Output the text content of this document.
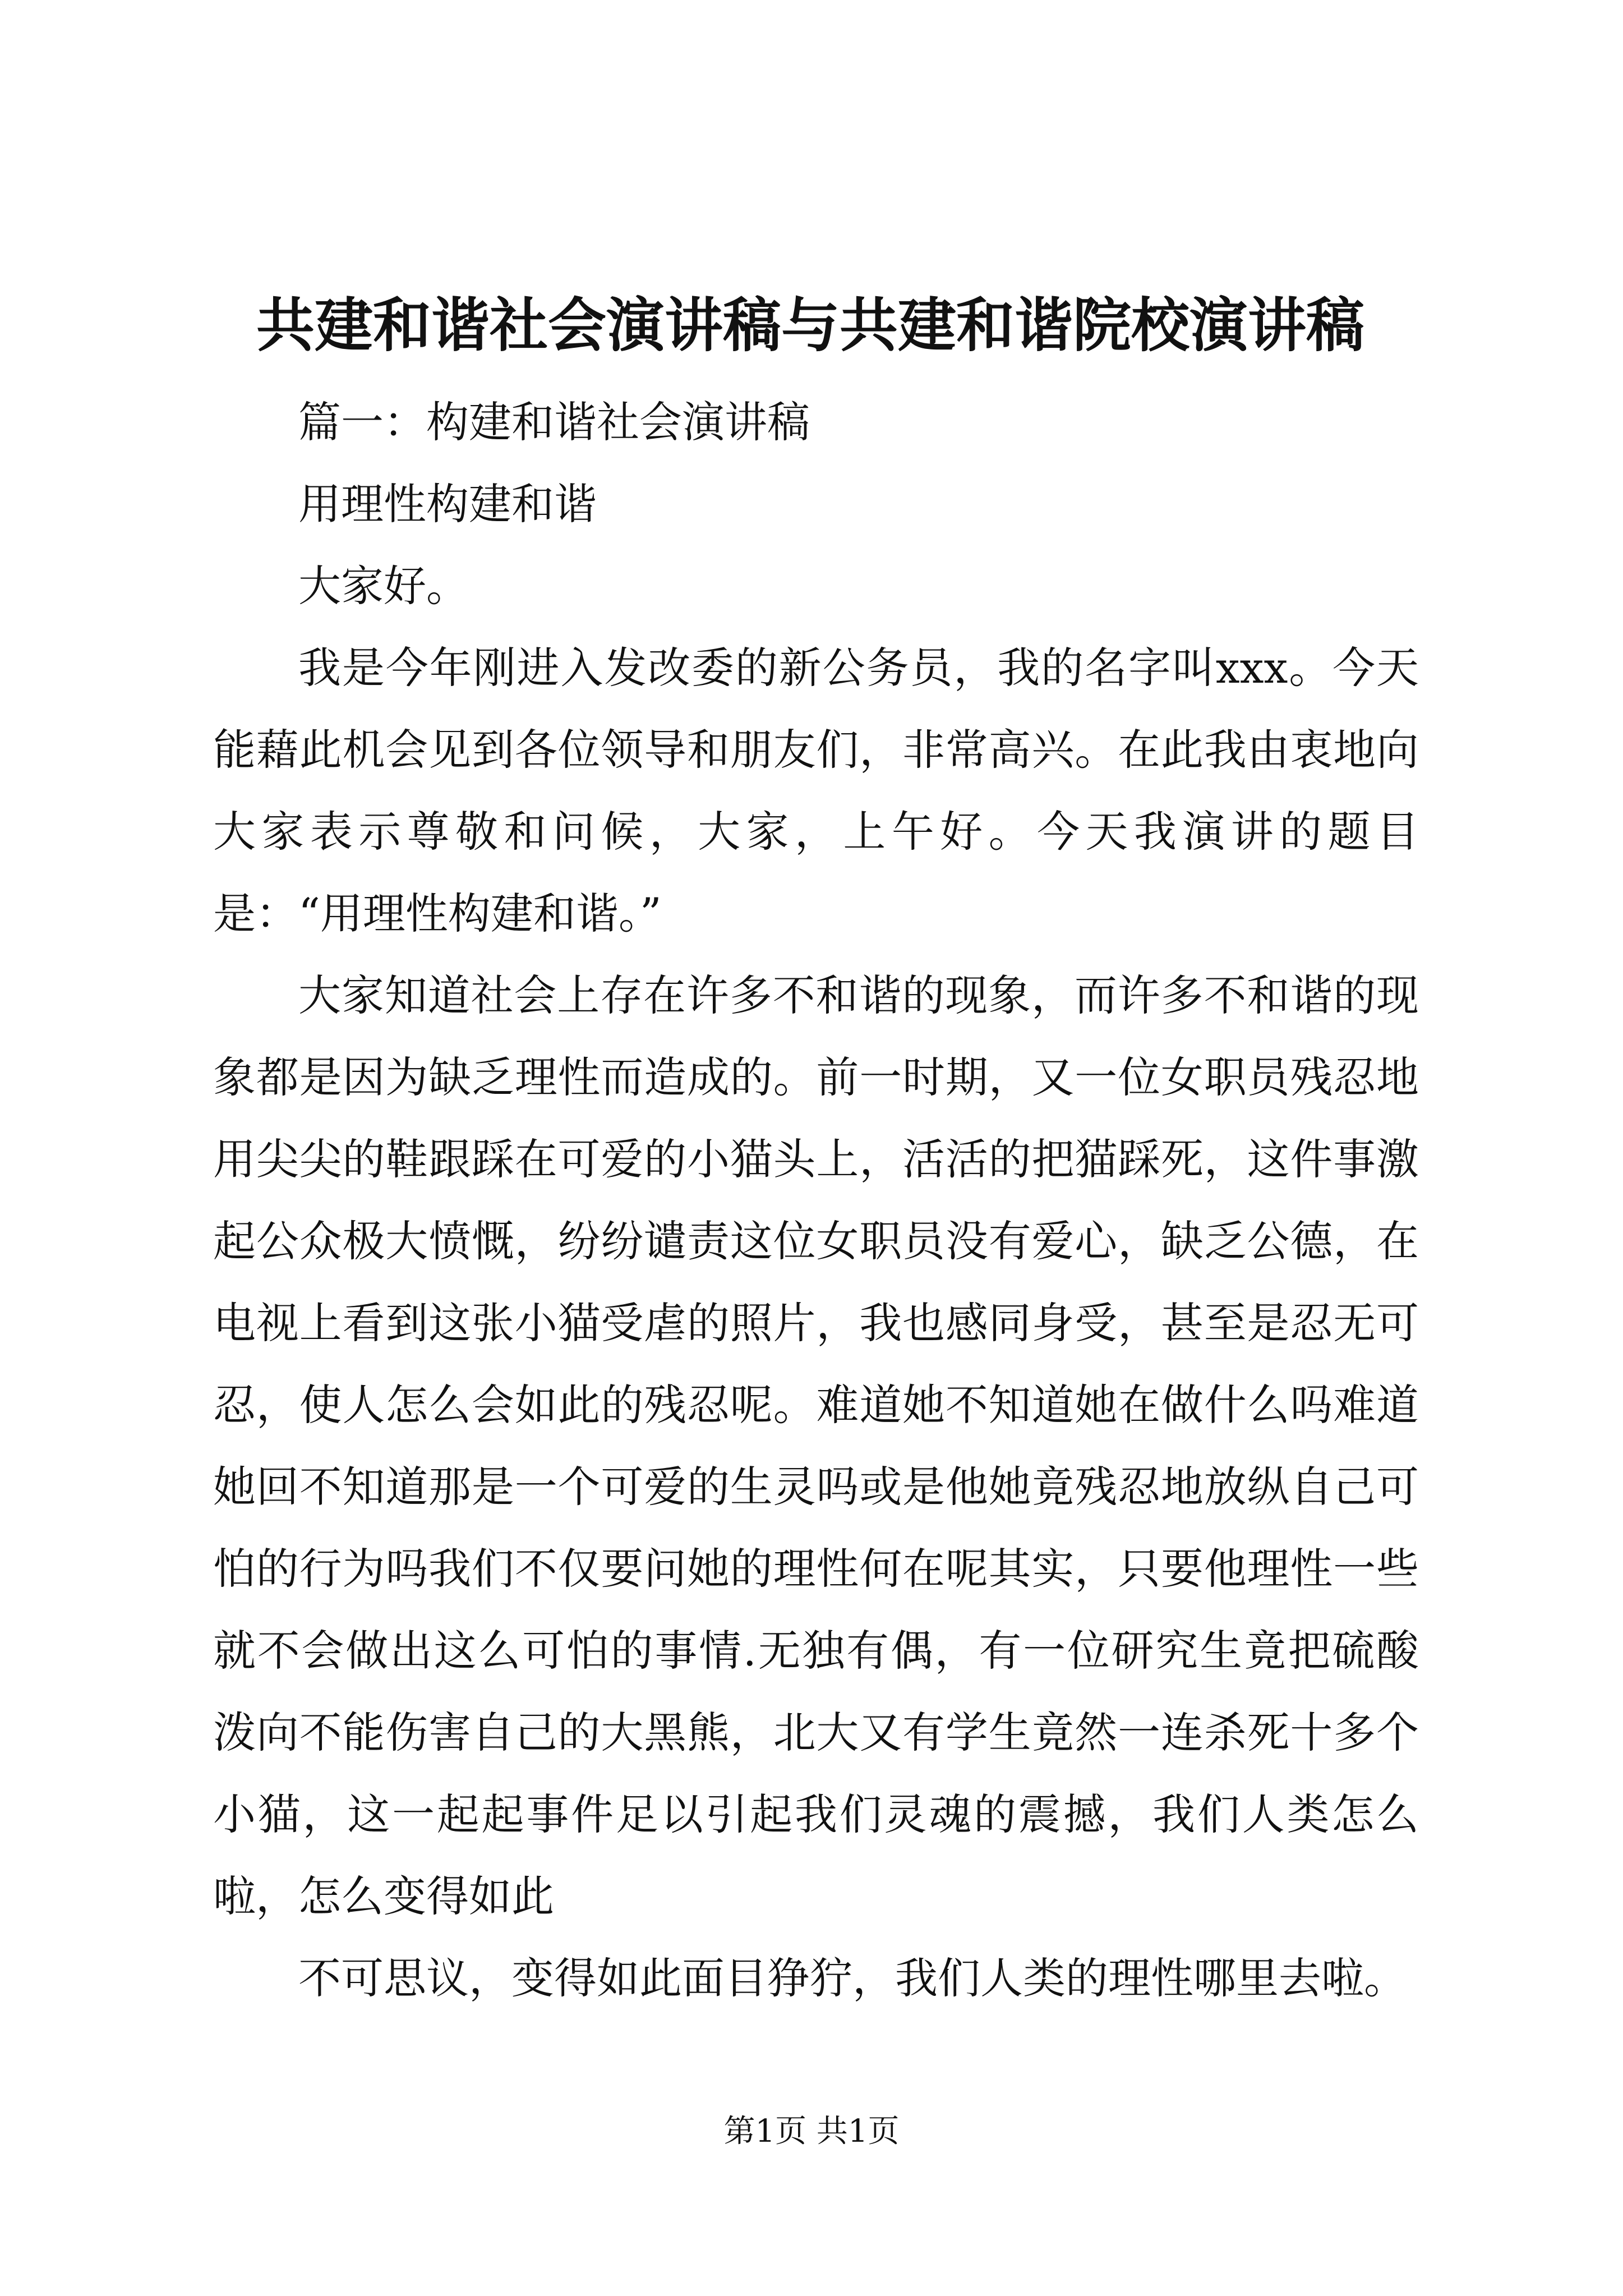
共建和谐社会演讲稿与共建和谐院校演讲稿

篇一：构建和谐社会演讲稿

用理性构建和谐

大家好。

我是今年刚进入发改委的新公务员，我的名字叫xxx。今天能藉此机会见到各位领导和朋友们，非常高兴。在此我由衷地向大家表示尊敬和问候，大家，上午好。今天我演讲的题目是：“用理性构建和谐。”

大家知道社会上存在许多不和谐的现象，而许多不和谐的现象都是因为缺乏理性而造成的。前一时期，又一位女职员残忍地用尖尖的鞋跟踩在可爱的小猫头上，活活的把猫踩死，这件事激起公众极大愤慨，纷纷谴责这位女职员没有爱心，缺乏公德，在电视上看到这张小猫受虐的照片，我也感同身受，甚至是忍无可忍，使人怎么会如此的残忍呢。难道她不知道她在做什么吗难道她回不知道那是一个可爱的生灵吗或是他她竟残忍地放纵自己可怕的行为吗我们不仅要问她的理性何在呢其实，只要他理性一些就不会做出这么可怕的事情.无独有偶，有一位研究生竟把硫酸泼向不能伤害自己的大黑熊，北大又有学生竟然一连杀死十多个小猫，这一起起事件足以引起我们灵魂的震撼，我们人类怎么啦，怎么变得如此

不可思议，变得如此面目狰狞，我们人类的理性哪里去啦。

第1页 共1页
